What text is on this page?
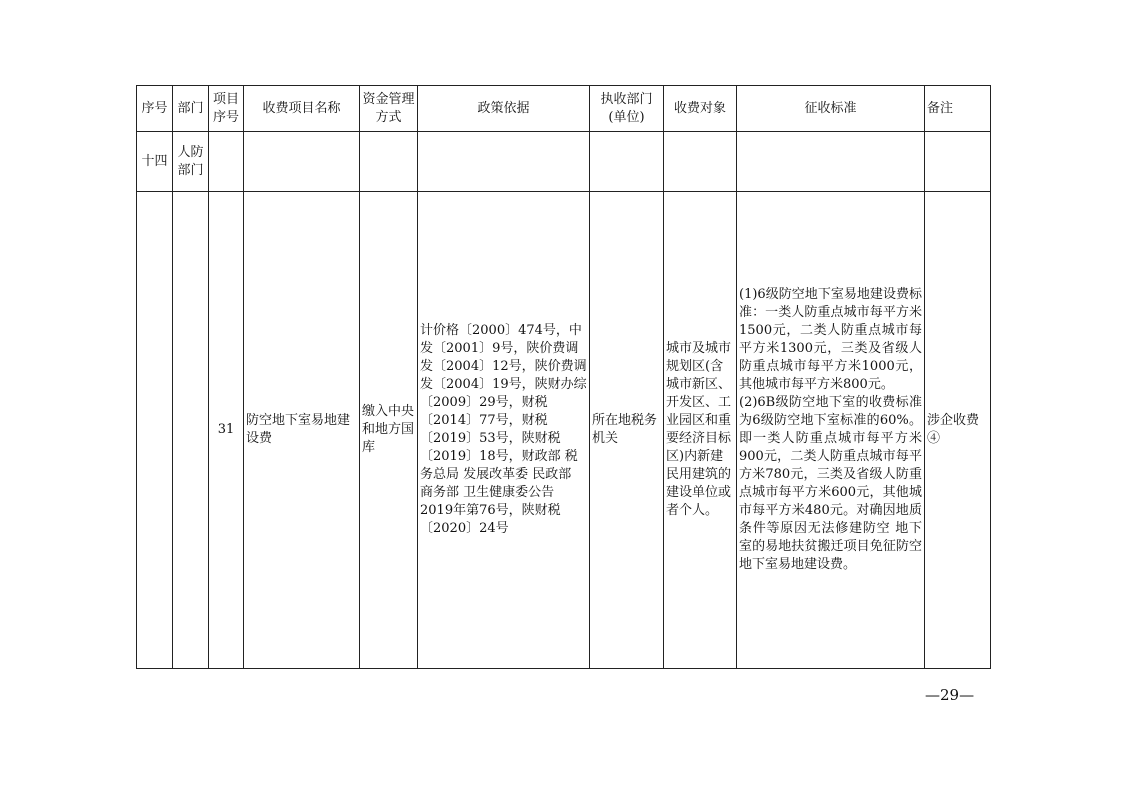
序号	部门	项目序号	收费项目名称	资金管理方式	政策依据	执收部门(单位)	收费对象	征收标准	备注
十四	人防部门								
		31	防空地下室易地建设费	缴入中央和地方国库	计价格〔2000〕474号，中发〔2001〕9号，陕价费调发〔2004〕12号，陕价费调发〔2004〕19号，陕财办综〔2009〕29号，财税〔2014〕77号，财税〔2019〕53号，陕财税〔2019〕18号，财政部 税务总局 发展改革委 民政部 商务部 卫生健康委公告2019年第76号，陕财税〔2020〕24号	所在地税务机关	城市及城市规划区(含城市新区、开发区、工业园区和重要经济目标区)内新建民用建筑的建设单位或者个人。	(1)6级防空地下室易地建设费标准：一类人防重点城市每平方米1500元，二类人防重点城市每平方米1300元，三类及省级人防重点城市每平方米1000元，其他城市每平方米800元。
(2)6B级防空地下室的收费标准为6级防空地下室标准的60%。即一类人防重点城市每平方米900元，二类人防重点城市每平方米780元，三类及省级人防重点城市每平方米600元，其他城市每平方米480元。对确因地质条件等原因无法修建防空 地下室的易地扶贫搬迁项目免征防空地下室易地建设费。	涉企收费④
—29—
